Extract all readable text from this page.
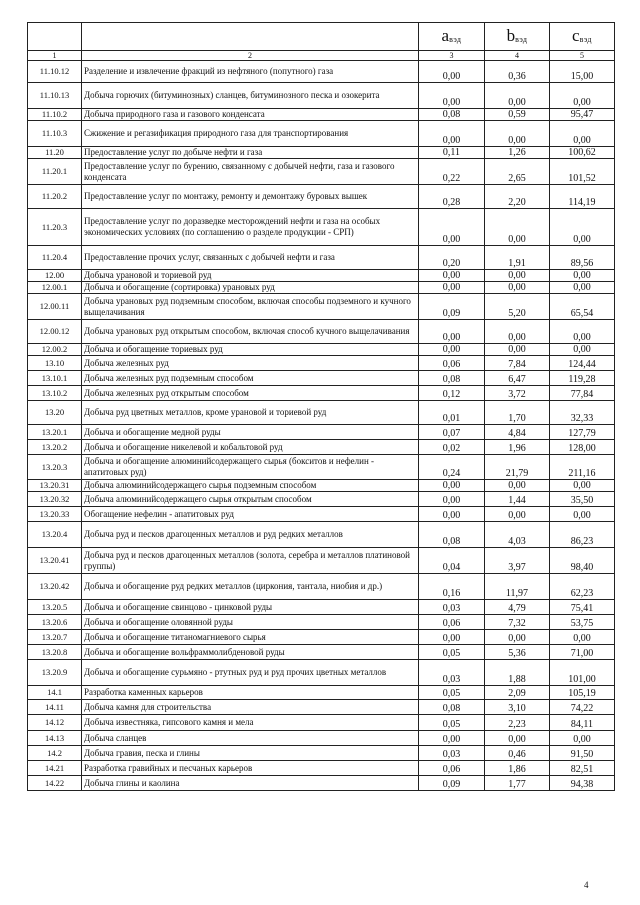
		$a_{вэд}$	$b_{вэд}$	$c_{вэд}$
1	2	3	4	5
11.10.12	Разделение и извлечение фракций из нефтяного (попутного) газа	0,00	0,36	15,00
11.10.13	Добыча горючих (битуминозных) сланцев, битуминозного песка и озокерита	0,00	0,00	0,00
11.10.2	Добыча природного газа и газового конденсата	0,08	0,59	95,47
11.10.3	Сжижение и регазификация природного газа для транспортирования	0,00	0,00	0,00
11.20	Предоставление услуг по добыче нефти и газа	0,11	1,26	100,62
11.20.1	Предоставление услуг по бурению, связанному с добычей нефти, газа и газового конденсата	0,22	2,65	101,52
11.20.2	Предоставление услуг по монтажу, ремонту и демонтажу буровых вышек	0,28	2,20	114,19
11.20.3	Предоставление услуг по доразведке месторождений нефти и газа на особых экономических условиях (по соглашению о разделе продукции - СРП)	0,00	0,00	0,00
11.20.4	Предоставление прочих услуг, связанных с добычей нефти и газа	0,20	1,91	89,56
12.00	Добыча урановой и ториевой руд	0,00	0,00	0,00
12.00.1	Добыча и обогащение (сортировка) урановых руд	0,00	0,00	0,00
12.00.11	Добыча урановых руд подземным способом, включая способы подземного и кучного выщелачивания	0,09	5,20	65,54
12.00.12	Добыча урановых руд открытым способом, включая способ кучного выщелачивания	0,00	0,00	0,00
12.00.2	Добыча и обогащение ториевых руд	0,00	0,00	0,00
13.10	Добыча железных руд	0,06	7,84	124,44
13.10.1	Добыча железных руд подземным способом	0,08	6,47	119,28
13.10.2	Добыча железных руд открытым способом	0,12	3,72	77,84
13.20	Добыча руд цветных металлов, кроме урановой и ториевой руд	0,01	1,70	32,33
13.20.1	Добыча и обогащение медной руды	0,07	4,84	127,79
13.20.2	Добыча и обогащение никелевой и кобальтовой руд	0,02	1,96	128,00
13.20.3	Добыча и обогащение алюминийсодержащего сырья (бокситов и нефелин - апатитовых руд)	0,24	21,79	211,16
13.20.31	Добыча алюминийсодержащего сырья подземным способом	0,00	0,00	0,00
13.20.32	Добыча алюминийсодержащего сырья открытым способом	0,00	1,44	35,50
13.20.33	Обогащение нефелин - апатитовых руд	0,00	0,00	0,00
13.20.4	Добыча руд и песков драгоценных металлов и руд редких металлов	0,08	4,03	86,23
13.20.41	Добыча руд и песков драгоценных металлов (золота, серебра и металлов платиновой группы)	0,04	3,97	98,40
13.20.42	Добыча и обогащение руд редких металлов (циркония, тантала, ниобия и др.)	0,16	11,97	62,23
13.20.5	Добыча и обогащение свинцово - цинковой руды	0,03	4,79	75,41
13.20.6	Добыча и обогащение оловянной руды	0,06	7,32	53,75
13.20.7	Добыча и обогащение титаномагниевого сырья	0,00	0,00	0,00
13.20.8	Добыча и обогащение вольфраммолибденовой руды	0,05	5,36	71,00
13.20.9	Добыча и обогащение сурьмяно - ртутных руд и руд прочих цветных металлов	0,03	1,88	101,00
14.1	Разработка каменных карьеров	0,05	2,09	105,19
14.11	Добыча камня для строительства	0,08	3,10	74,22
14.12	Добыча известняка, гипсового камня и мела	0,05	2,23	84,11
14.13	Добыча сланцев	0,00	0,00	0,00
14.2	Добыча гравия, песка и глины	0,03	0,46	91,50
14.21	Разработка гравийных и песчаных карьеров	0,06	1,86	82,51
14.22	Добыча глины и каолина	0,09	1,77	94,38
4
